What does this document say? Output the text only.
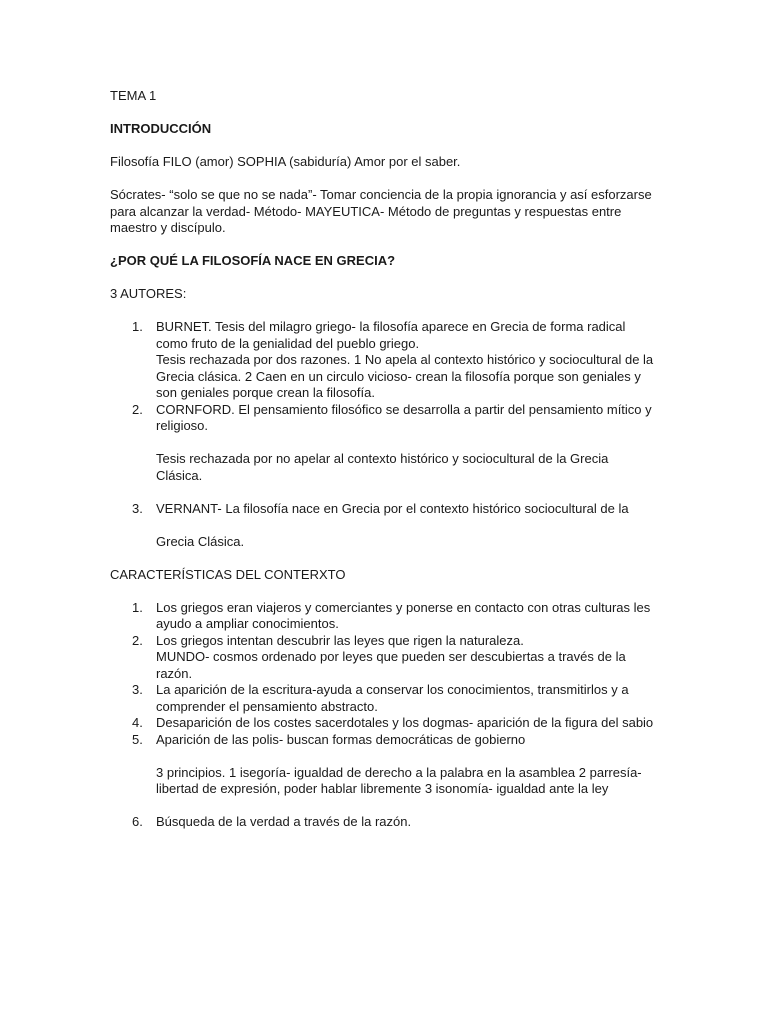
TEMA 1

INTRODUCCIÓN

Filosofía FILO (amor) SOPHIA (sabiduría) Amor por el saber.

Sócrates- “solo se que no se nada”- Tomar conciencia de la propia ignorancia y así esforzarse para alcanzar la verdad- Método- MAYEUTICA- Método de preguntas y respuestas entre maestro y discípulo.

¿POR QUÉ LA FILOSOFÍA NACE EN GRECIA?

3 AUTORES:

1. BURNET. Tesis del milagro griego- la filosofía aparece en Grecia de forma radical como fruto de la genialidad del pueblo griego.

Tesis rechazada por dos razones. 1 No apela al contexto histórico y sociocultural de la Grecia clásica. 2 Caen en un circulo vicioso- crean la filosofía porque son geniales y son geniales porque crean la filosofía.

2. CORNFORD. El pensamiento filosófico se desarrolla a partir del pensamiento mítico y religioso.

Tesis rechazada por no apelar al contexto histórico y sociocultural de la Grecia Clásica.

3. VERNANT- La filosofía nace en Grecia por el contexto histórico sociocultural de la

Grecia Clásica.

CARACTERÍSTICAS DEL CONTERXTO

1. Los griegos eran viajeros y comerciantes y ponerse en contacto con otras culturas les ayudo a ampliar conocimientos.

2. Los griegos intentan descubrir las leyes que rigen la naturaleza.

MUNDO- cosmos ordenado por leyes que pueden ser descubiertas a través de la razón.

3. La aparición de la escritura-ayuda a conservar los conocimientos, transmitirlos y a comprender el pensamiento abstracto.

4. Desaparición de los costes sacerdotales y los dogmas- aparición de la figura del sabio

5. Aparición de las polis- buscan formas democráticas de gobierno

3 principios. 1 isegoría- igualdad de derecho a la palabra en la asamblea 2 parresía- libertad de expresión, poder hablar libremente 3 isonomía- igualdad ante la ley

6. Búsqueda de la verdad a través de la razón.
